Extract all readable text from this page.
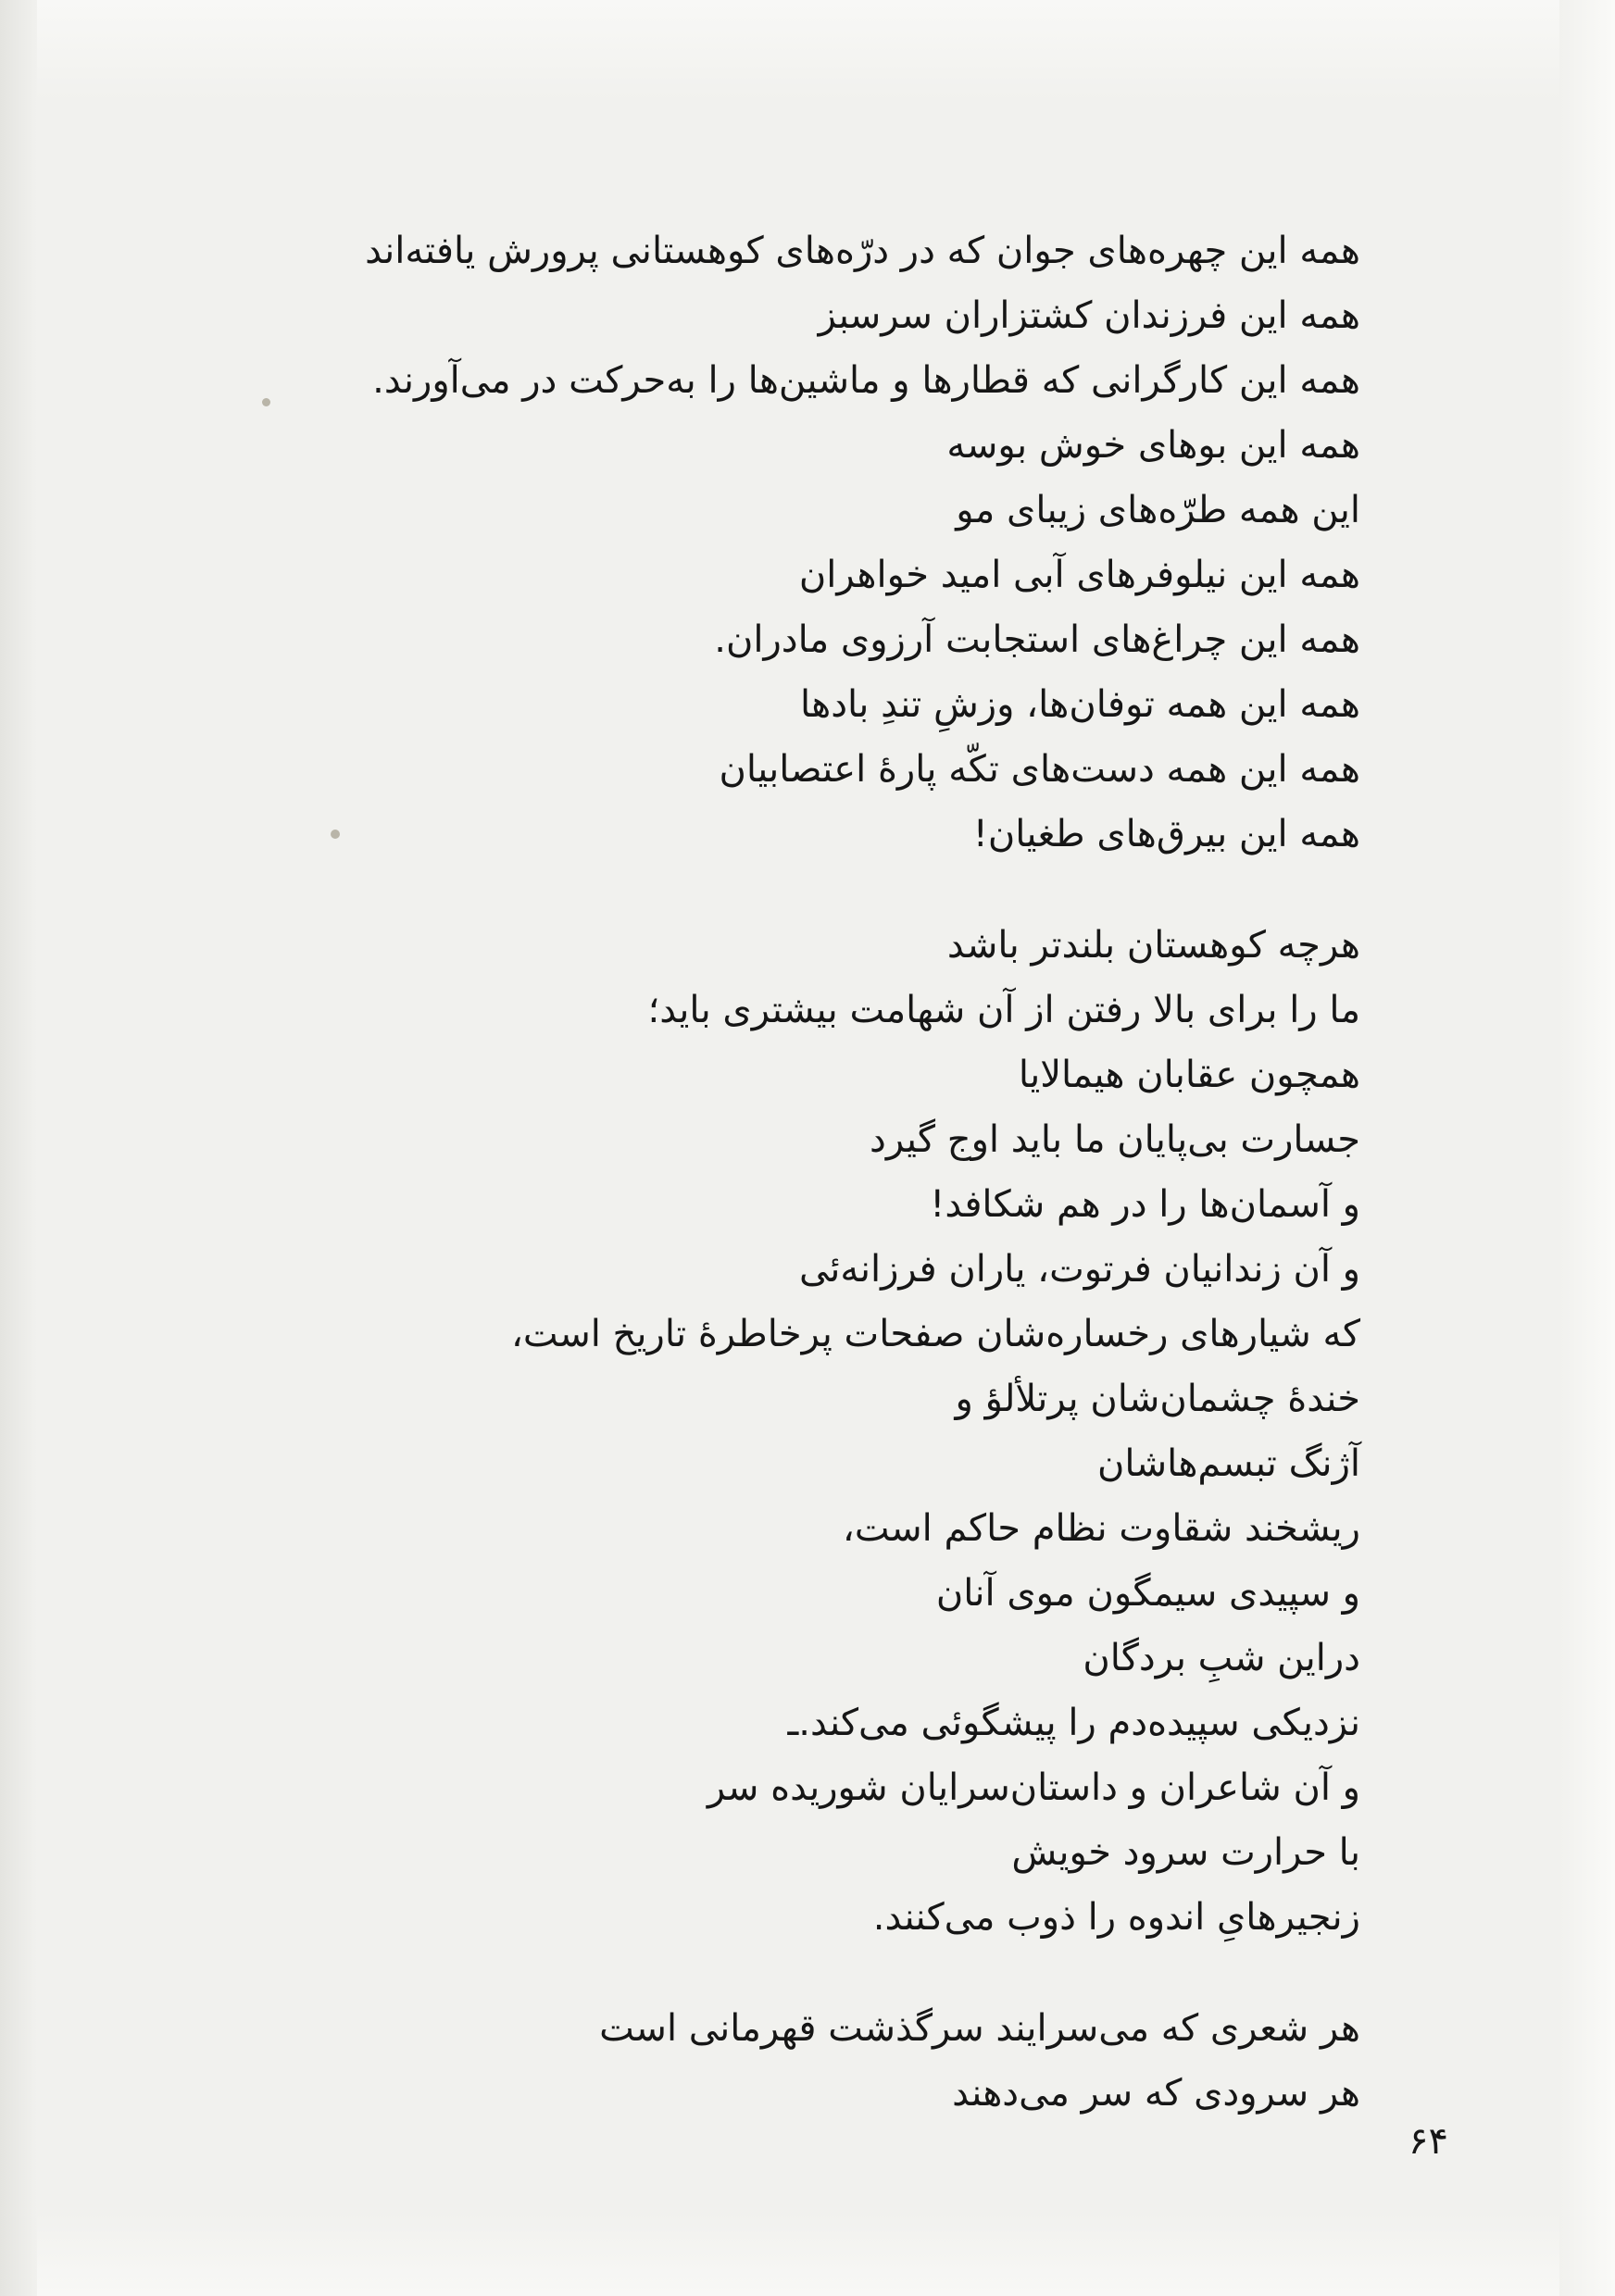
همه این چهره‌های جوان که در درّه‌های کوهستانی پرورش یافته‌اند
همه این فرزندان کشتزاران سرسبز
همه این کارگرانی که قطارها و ماشین‌ها را به‌حرکت در می‌آورند.
همه این بوهای خوش بوسه
این همه طرّه‌های زیبای مو
همه این نیلوفرهای آبی امید خواهران
همه این چراغ‌های استجابت آرزوی مادران.
همه این همه توفان‌ها، وزشِ تندِ بادها
همه این همه دست‌های تکّه پارهٔ اعتصابیان
همه این بیرق‌های طغیان!
هرچه کوهستان بلندتر باشد
ما را برای بالا رفتن از آن شهامت بیشتری باید؛
همچون عقابان هیمالایا
جسارت بی‌پایان ما باید اوج گیرد
و آسمان‌ها را در هم شکافد!
و آن زندانیان فرتوت، یاران فرزانه‌ئی
که شیارهای رخساره‌شان صفحات پرخاطرهٔ تاریخ است،
خندهٔ چشمان‌شان پرتلألؤ و
آژنگ تبسم‌هاشان
ریشخند شقاوت نظام حاکم است،
و سپیدی سیمگون موی آنان
دراین شبِ بردگان
نزدیکی سپیده‌دم را پیشگوئی می‌کند.ـ
و آن شاعران و داستان‌سرایان شوریده سر
با حرارت سرود خویش
زنجیرهایِ اندوه را ذوب می‌کنند.
هر شعری که می‌سرایند سرگذشت قهرمانی است
هر سرودی که سر می‌دهند
۶۴
